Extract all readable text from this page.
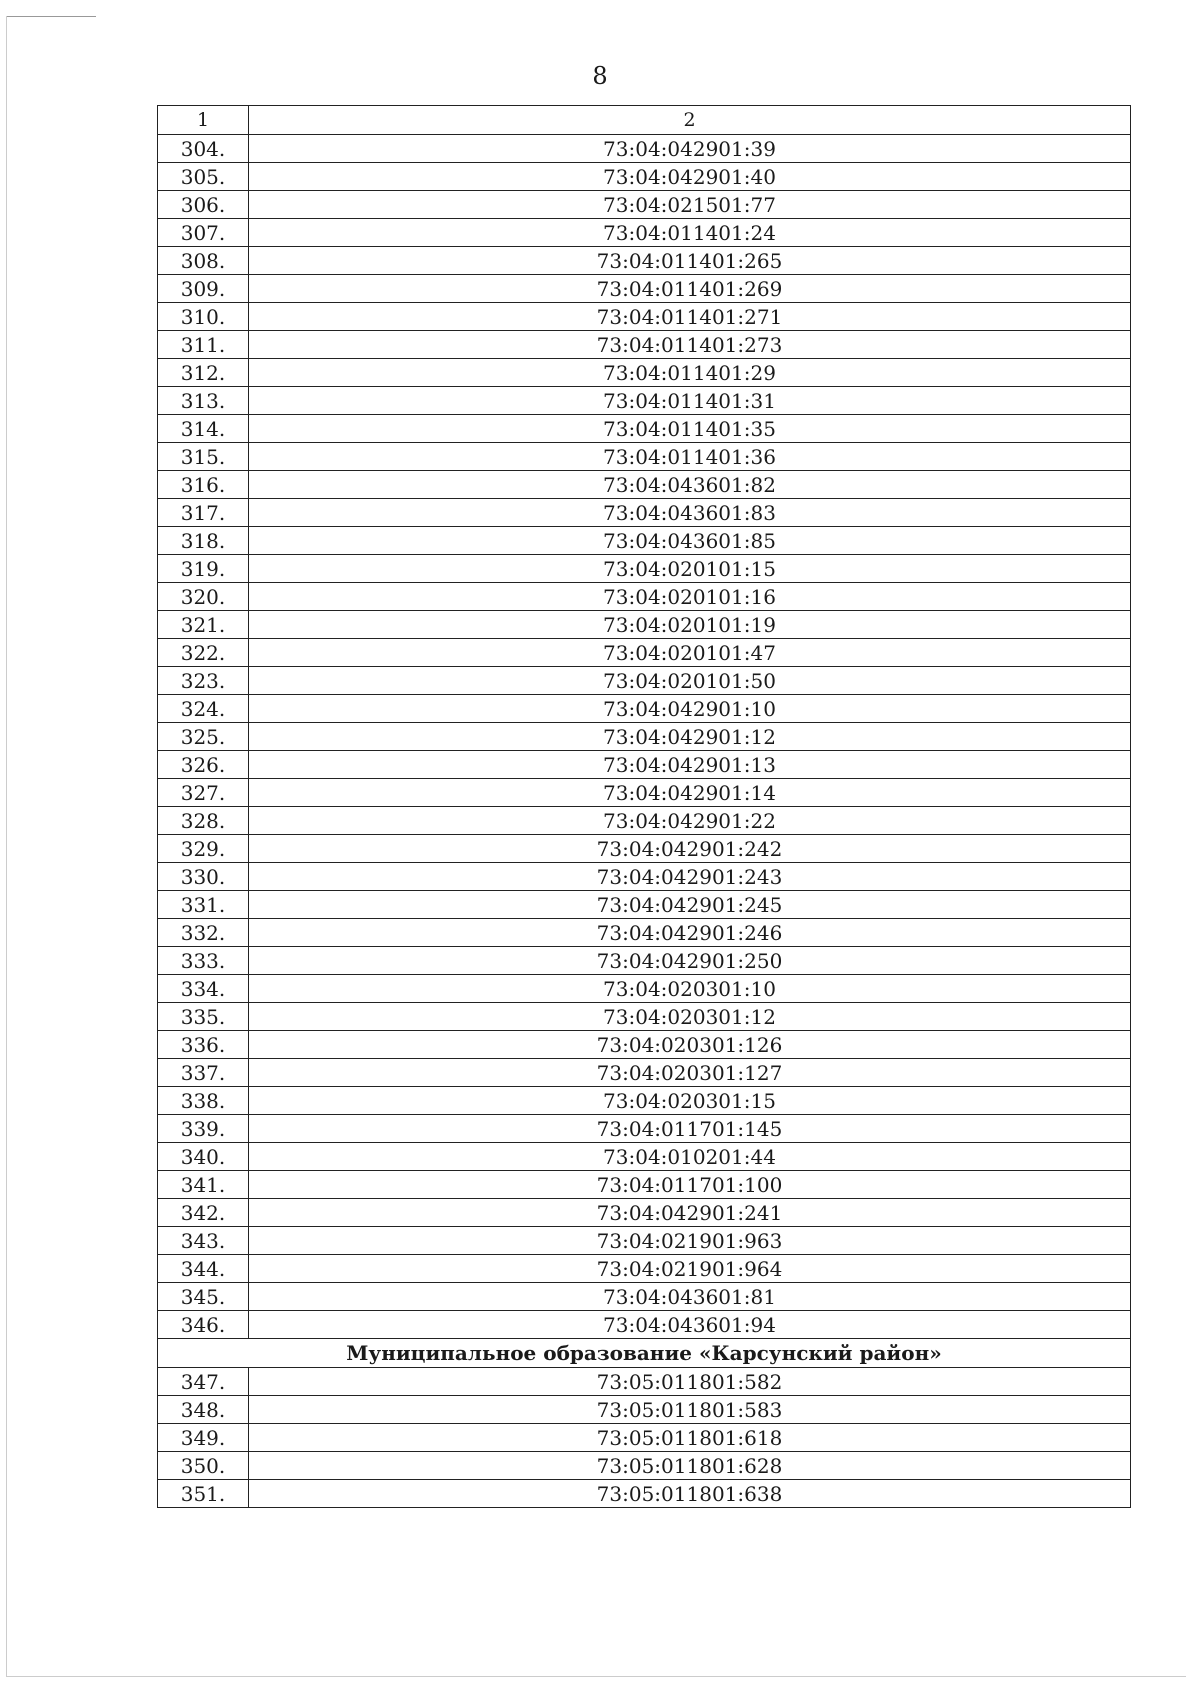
8
1	2
304.	73:04:042901:39
305.	73:04:042901:40
306.	73:04:021501:77
307.	73:04:011401:24
308.	73:04:011401:265
309.	73:04:011401:269
310.	73:04:011401:271
311.	73:04:011401:273
312.	73:04:011401:29
313.	73:04:011401:31
314.	73:04:011401:35
315.	73:04:011401:36
316.	73:04:043601:82
317.	73:04:043601:83
318.	73:04:043601:85
319.	73:04:020101:15
320.	73:04:020101:16
321.	73:04:020101:19
322.	73:04:020101:47
323.	73:04:020101:50
324.	73:04:042901:10
325.	73:04:042901:12
326.	73:04:042901:13
327.	73:04:042901:14
328.	73:04:042901:22
329.	73:04:042901:242
330.	73:04:042901:243
331.	73:04:042901:245
332.	73:04:042901:246
333.	73:04:042901:250
334.	73:04:020301:10
335.	73:04:020301:12
336.	73:04:020301:126
337.	73:04:020301:127
338.	73:04:020301:15
339.	73:04:011701:145
340.	73:04:010201:44
341.	73:04:011701:100
342.	73:04:042901:241
343.	73:04:021901:963
344.	73:04:021901:964
345.	73:04:043601:81
346.	73:04:043601:94
Муниципальное образование «Карсунский район»	
347.	73:05:011801:582
348.	73:05:011801:583
349.	73:05:011801:618
350.	73:05:011801:628
351.	73:05:011801:638
